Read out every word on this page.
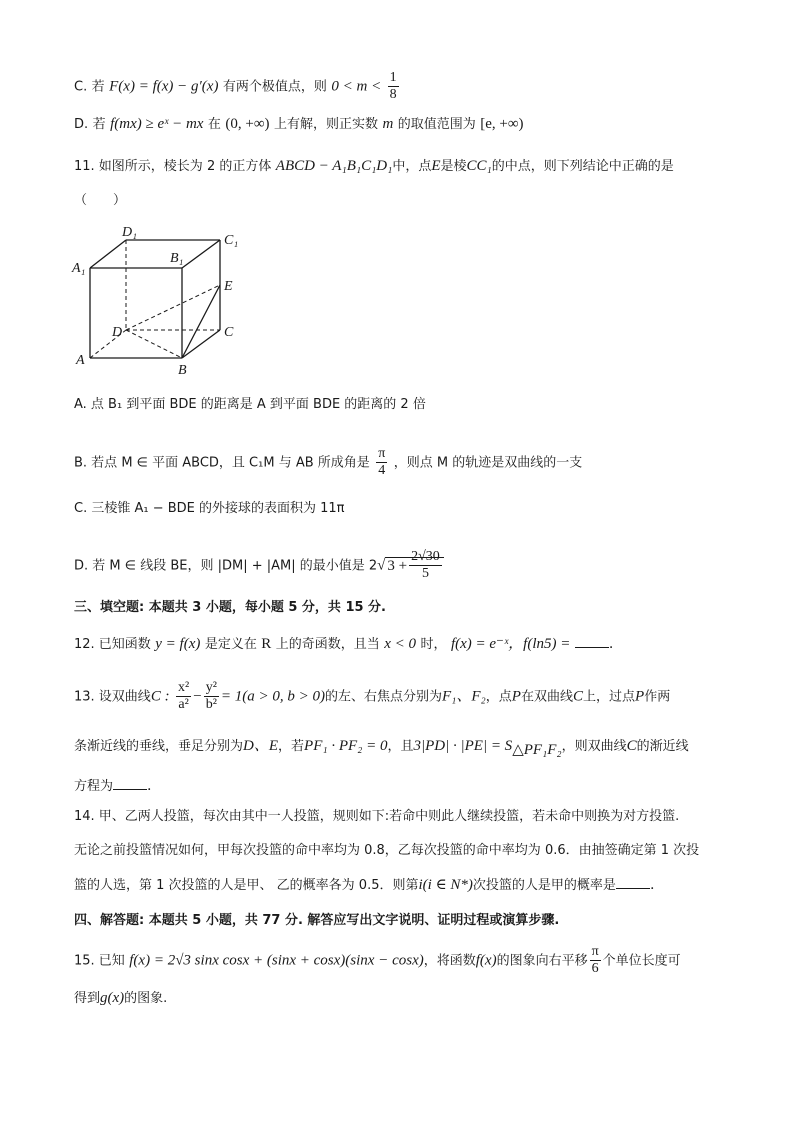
C. 若 F(x) = f(x) − g′(x) 有两个极值点，则 $0 < m < \frac{1}{8}$
D. 若 f(mx) ≥ eˣ − mx 在 (0, +∞) 上有解，则正实数 m 的取值范围为 [e, +∞)
11. 如图所示，棱长为 2 的正方体 ABCD − A₁B₁C₁D₁中，点E是棱CC₁的中点，则下列结论中正确的是
（　　）
D₁
C₁
A₁
B₁
E
D	C
A
B
A. 点 B₁ 到平面 BDE 的距离是 A 到平面 BDE 的距离的 2 倍
B. 若点 M ∈ 平面 ABCD，且 C₁M 与 AB 所成角是 $\frac{\pi}{4}$ ，则点 M 的轨迹是双曲线的一支
C. 三棱锥 A₁ − BDE 的外接球的表面积为 11π
D. 若 M ∈ 线段 BE，则 |DM| + |AM| 的最小值是 2√ $3 + \frac{2√30}{5}$
三、填空题: 本题共 3 小题，每小题 5 分，共 15 分.
12. 已知函数 y = f(x) 是定义在 R 上的奇函数，且当 x < 0 时， f(x) = e⁻ˣ，f(ln5) =	.
13. 设双曲线C : $\frac{\text{x²}}{\text{a²}} - \frac{\text{y²}}{\text{b²}} = 1(a > 0$, b > 0)的左、右焦点分别为F₁、F₂，点P在双曲线C上，过点P作两
条渐近线的垂线，垂足分别为D、E，若PF₁ · PF₂ = 0，且$3|PD| \cdot |PE| = S_{\triangle PF_1F_2}$，则双曲线C的渐近线
方程为 .
14. 甲、乙两人投篮，每次由其中一人投篮，规则如下:若命中则此人继续投篮，若未命中则换为对方投篮.
无论之前投篮情况如何，甲每次投篮的命中率均为 0.8，乙每次投篮的命中率均为 0.6．由抽签确定第 1 次投
篮的人选，第 1 次投篮的人是甲、 乙的概率各为 0.5．则第i(i ∈ N*)次投篮的人是甲的概率是 .
四、解答题: 本题共 5 小题，共 77 分. 解答应写出文字说明、证明过程或演算步骤.
15. 已知 f(x) = 2√3 sinx cosx + (sinx + cosx)(sinx − cosx)，将函数f(x)的图象向右平移 $\frac{\pi}{6}$ 个单位长度可
得到g(x)的图象.
